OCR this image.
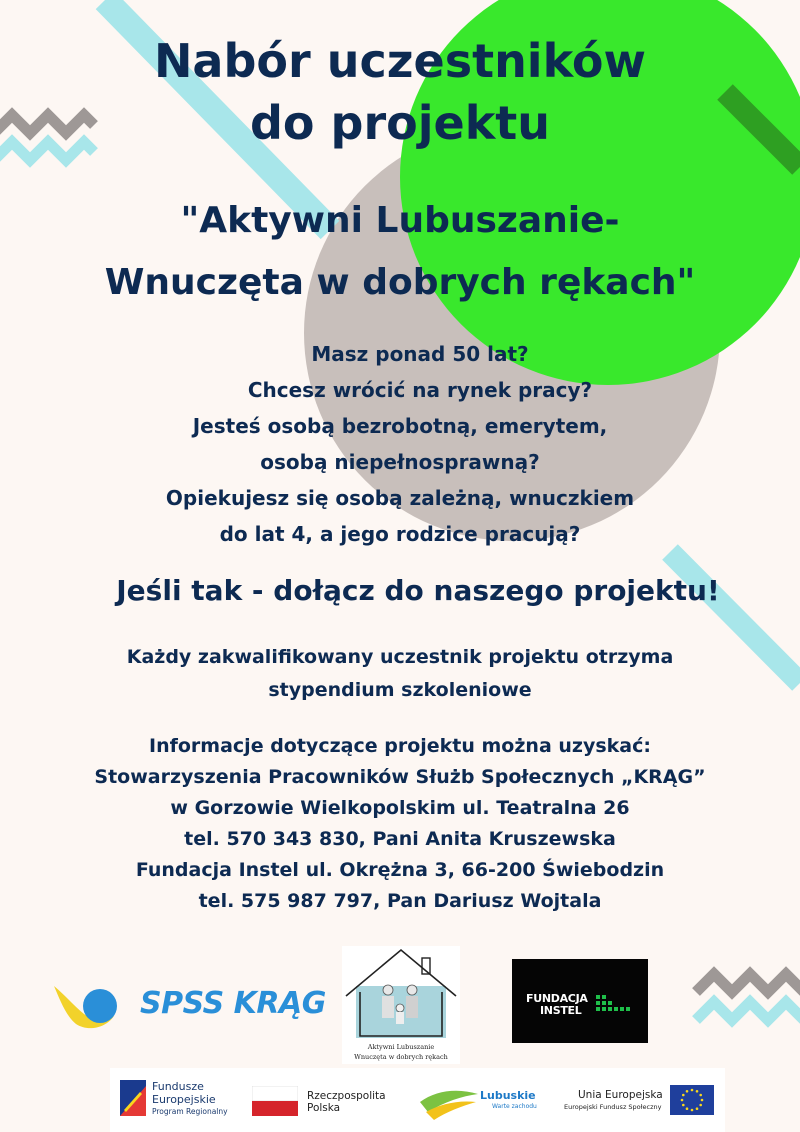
Nabór uczestników
do projektu
"Aktywni Lubuszanie-
Wnuczęta w dobrych rękach"
Masz ponad 50 lat?
Chcesz wrócić na rynek pracy?
Jesteś osobą bezrobotną, emerytem,
osobą niepełnosprawną?
Opiekujesz się osobą zależną, wnuczkiem
do lat 4, a jego rodzice pracują?
Jeśli tak - dołącz do naszego projektu!
Każdy zakwalifikowany uczestnik projektu otrzyma
stypendium szkoleniowe
Informacje dotyczące projektu można uzyskać:
Stowarzyszenia Pracowników Służb Społecznych „KRĄG”
w Gorzowie Wielkopolskim ul. Teatralna 26
tel. 570 343 830, Pani Anita Kruszewska
Fundacja Instel ul. Okrężna 3, 66-200 Świebodzin
tel. 575 987 797, Pan Dariusz Wojtala
SPSS KRĄG
Aktywni Lubuszanie
Wnuczęta w dobrych rękach
FUNDACJA
INSTEL
Fundusze
Europejskie
Program Regionalny
Rzeczpospolita
Polska
Lubuskie
Warte zachodu
Unia Europejska
Europejski Fundusz Społeczny
